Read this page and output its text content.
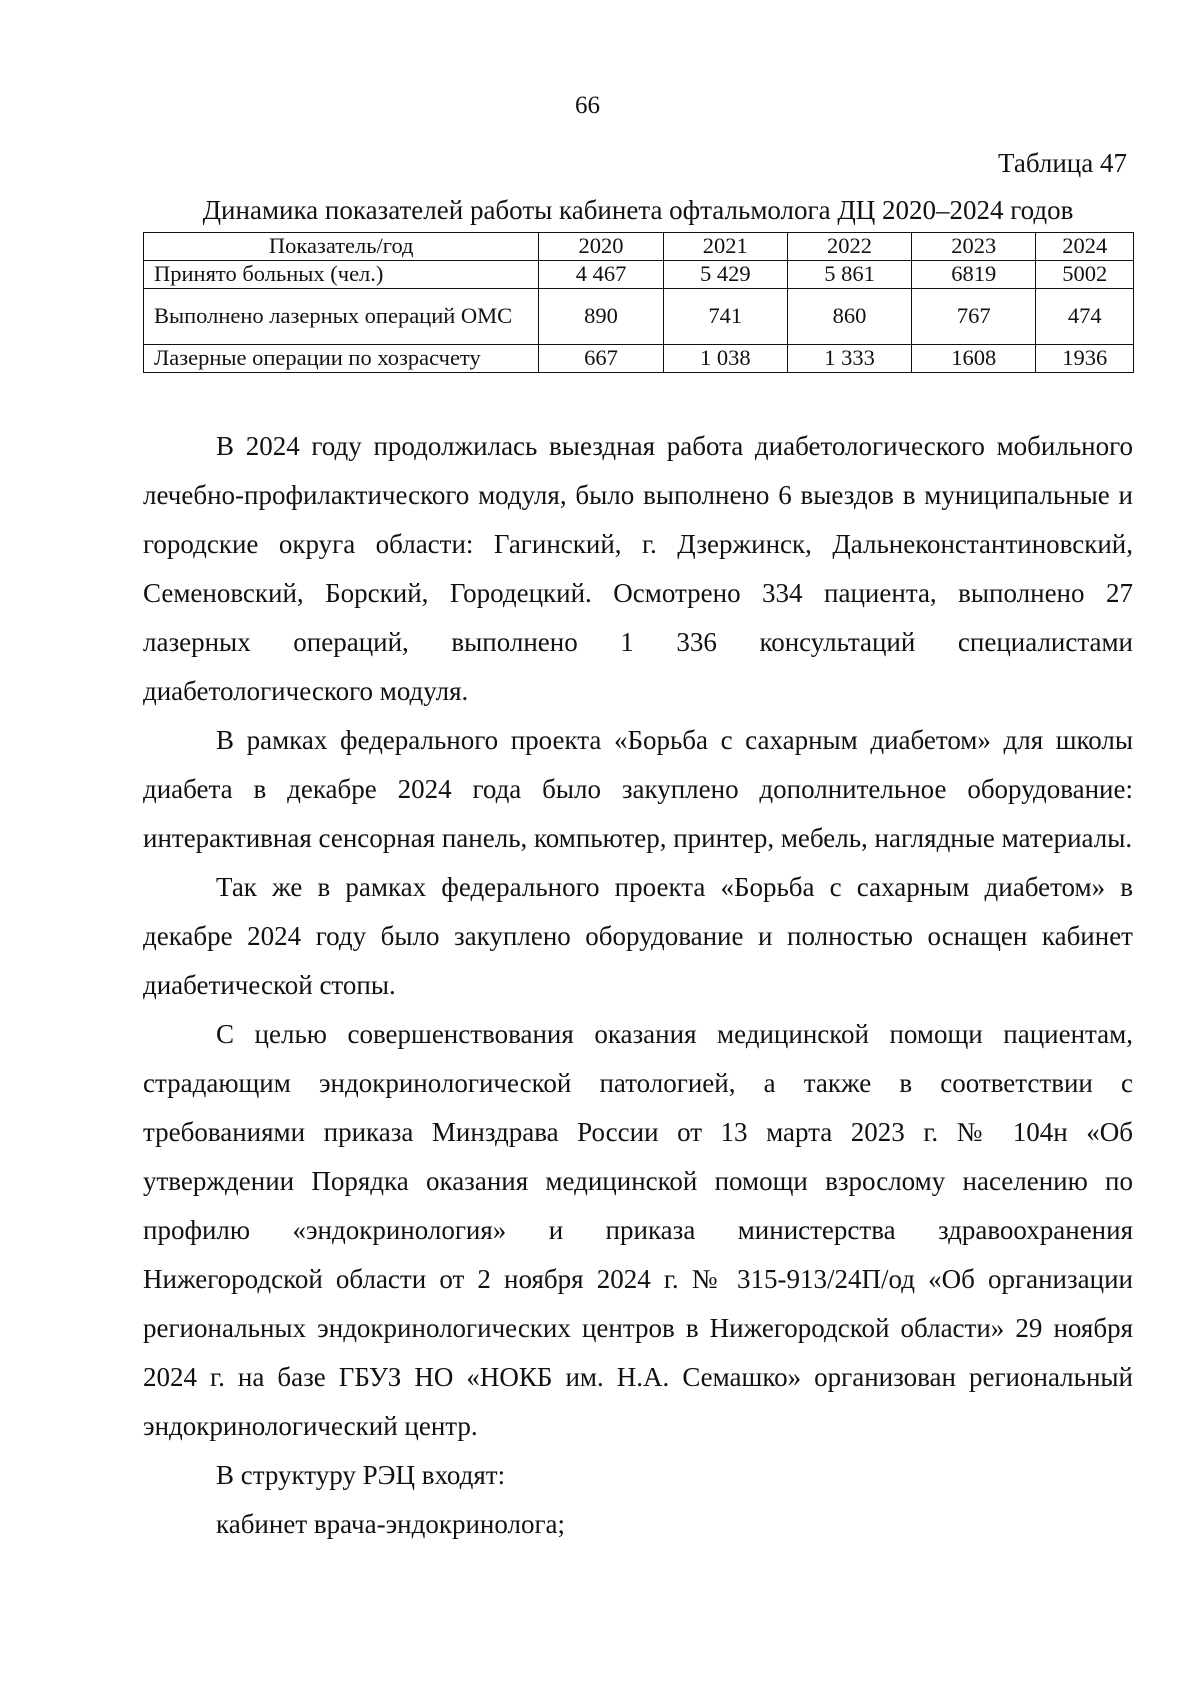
66
Таблица 47
Динамика показателей работы кабинета офтальмолога ДЦ 2020–2024 годов
Показатель/год	2020	2021	2022	2023	2024
Принято больных (чел.)	4 467	5 429	5 861	6819	5002
Выполнено лазерных операций ОМС	890	741	860	767	474
Лазерные операции по хозрасчету	667	1 038	1 333	1608	1936

В 2024 году продолжилась выездная работа диабетологического мобильного лечебно-профилактического модуля, было выполнено 6 выездов в муниципальные и городские округа области: Гагинский, г. Дзержинск, Дальнеконстантиновский, Семеновский, Борский, Городецкий. Осмотрено 334 пациента, выполнено 27 лазерных операций, выполнено 1 336 консультаций специалистами диабетологического модуля.

В рамках федерального проекта «Борьба с сахарным диабетом» для школы диабета в декабре 2024 года было закуплено дополнительное оборудование: интерактивная сенсорная панель, компьютер, принтер, мебель, наглядные материалы.

Так же в рамках федерального проекта «Борьба с сахарным диабетом» в декабре 2024 году было закуплено оборудование и полностью оснащен кабинет диабетической стопы.

С целью совершенствования оказания медицинской помощи пациентам, страдающим эндокринологической патологией, а также в соответствии с требованиями приказа Минздрава России от 13 марта 2023 г. № 104н «Об утверждении Порядка оказания медицинской помощи взрослому населению по профилю «эндокринология» и приказа министерства здравоохранения Нижегородской области от 2 ноября 2024 г. № 315-913/24П/од «Об организации региональных эндокринологических центров в Нижегородской области» 29 ноября 2024 г. на базе ГБУЗ НО «НОКБ им. Н.А. Семашко» организован региональный эндокринологический центр.

В структуру РЭЦ входят:

кабинет врача-эндокринолога;
